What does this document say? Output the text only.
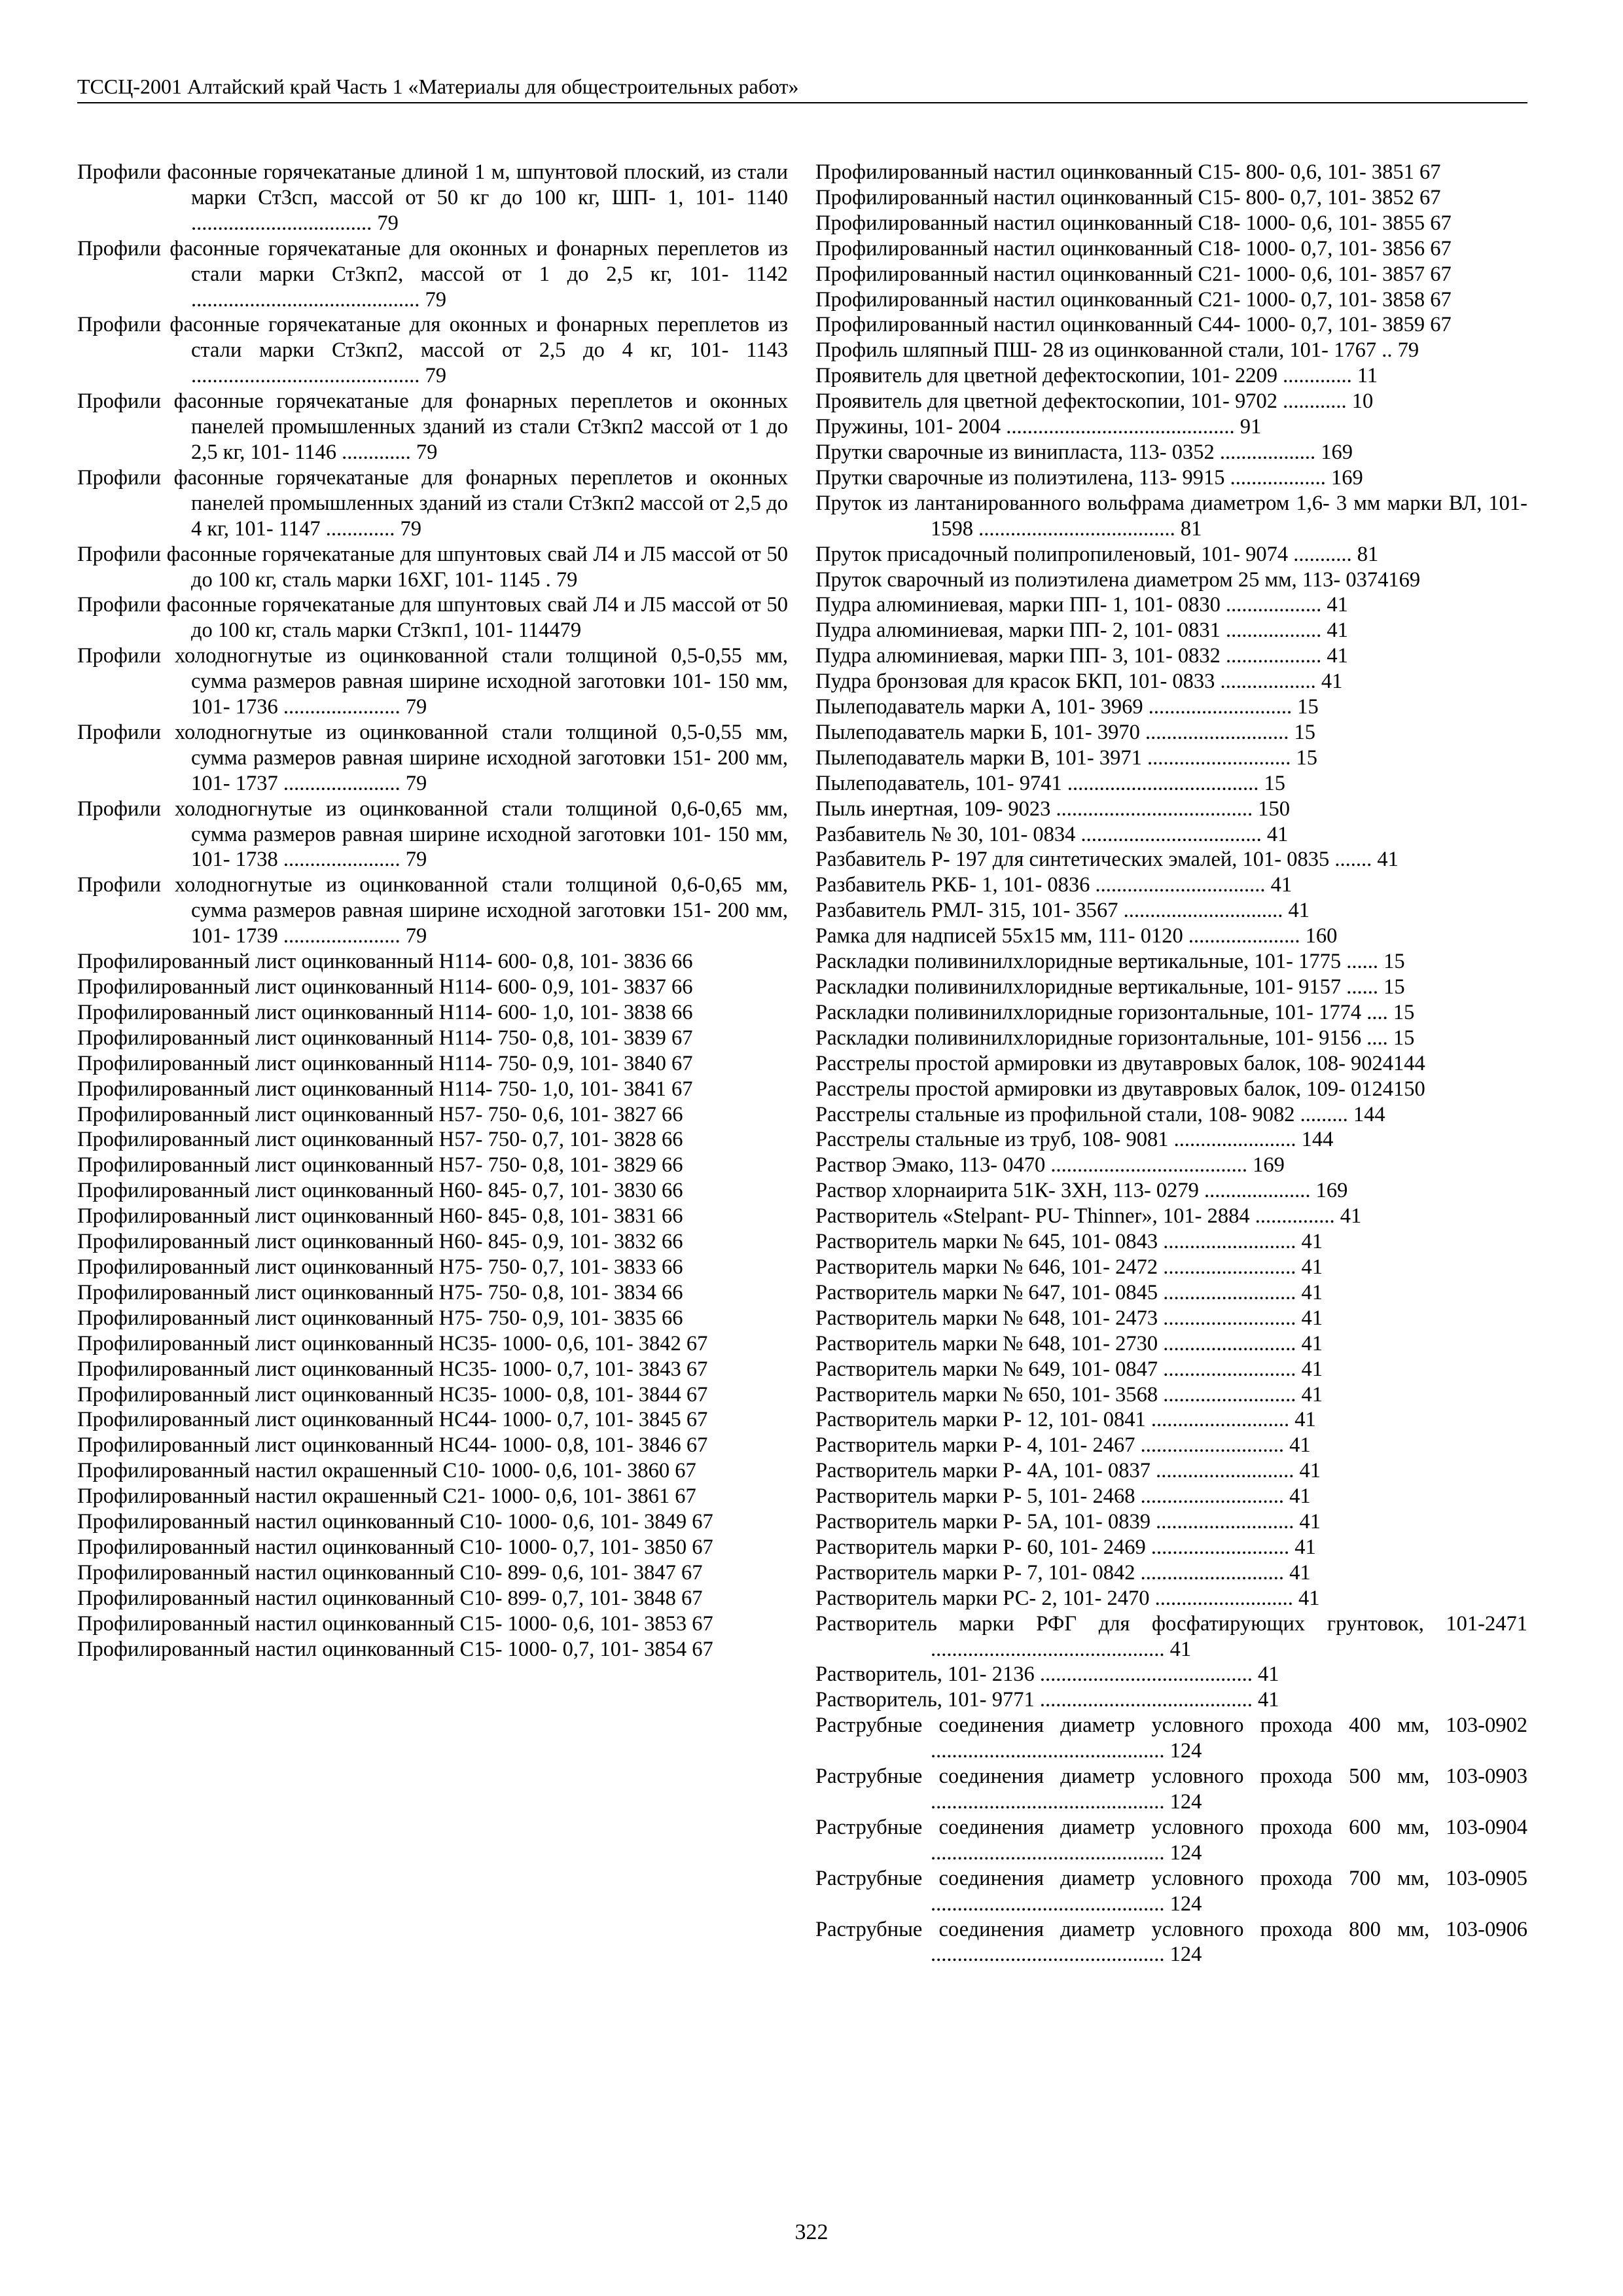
ТССЦ-2001 Алтайский край Часть 1 «Материалы для общестроительных работ»
Профили фасонные горячекатаные длиной 1 м, шпунтовой плоский, из стали марки Ст3сп, массой от 50 кг до 100 кг, ШП- 1, 101- 1140 .................................. 79
Профили фасонные горячекатаные для оконных и фонарных переплетов из стали марки Ст3кп2, массой от 1 до 2,5 кг, 101- 1142 ........................................... 79
Профили фасонные горячекатаные для оконных и фонарных переплетов из стали марки Ст3кп2, массой от 2,5 до 4 кг, 101- 1143 ........................................... 79
Профили фасонные горячекатаные для фонарных переплетов и оконных панелей промышленных зданий из стали Ст3кп2 массой от 1 до 2,5 кг, 101- 1146 ............. 79
Профили фасонные горячекатаные для фонарных переплетов и оконных панелей промышленных зданий из стали Ст3кп2 массой от 2,5 до 4 кг, 101- 1147 ............. 79
Профили фасонные горячекатаные для шпунтовых свай Л4 и Л5 массой от 50 до 100 кг, сталь марки 16ХГ, 101- 1145 . 79
Профили фасонные горячекатаные для шпунтовых свай Л4 и Л5 массой от 50 до 100 кг, сталь марки Ст3кп1, 101- 114479
Профили холодногнутые из оцинкованной стали толщиной 0,5-0,55 мм, сумма размеров равная ширине исходной заготовки 101- 150 мм, 101- 1736 ...................... 79
Профили холодногнутые из оцинкованной стали толщиной 0,5-0,55 мм, сумма размеров равная ширине исходной заготовки 151- 200 мм, 101- 1737 ...................... 79
Профили холодногнутые из оцинкованной стали толщиной 0,6-0,65 мм, сумма размеров равная ширине исходной заготовки 101- 150 мм, 101- 1738 ...................... 79
Профили холодногнутые из оцинкованной стали толщиной 0,6-0,65 мм, сумма размеров равная ширине исходной заготовки 151- 200 мм, 101- 1739 ...................... 79
Профилированный лист оцинкованный Н114- 600- 0,8, 101- 3836 66
Профилированный лист оцинкованный Н114- 600- 0,9, 101- 3837 66
Профилированный лист оцинкованный Н114- 600- 1,0, 101- 3838 66
Профилированный лист оцинкованный Н114- 750- 0,8, 101- 3839 67
Профилированный лист оцинкованный Н114- 750- 0,9, 101- 3840 67
Профилированный лист оцинкованный Н114- 750- 1,0, 101- 3841 67
Профилированный лист оцинкованный Н57- 750- 0,6, 101- 3827 66
Профилированный лист оцинкованный Н57- 750- 0,7, 101- 3828 66
Профилированный лист оцинкованный Н57- 750- 0,8, 101- 3829 66
Профилированный лист оцинкованный Н60- 845- 0,7, 101- 3830 66
Профилированный лист оцинкованный Н60- 845- 0,8, 101- 3831 66
Профилированный лист оцинкованный Н60- 845- 0,9, 101- 3832 66
Профилированный лист оцинкованный Н75- 750- 0,7, 101- 3833 66
Профилированный лист оцинкованный Н75- 750- 0,8, 101- 3834 66
Профилированный лист оцинкованный Н75- 750- 0,9, 101- 3835 66
Профилированный лист оцинкованный НС35- 1000- 0,6, 101- 3842 67
Профилированный лист оцинкованный НС35- 1000- 0,7, 101- 3843 67
Профилированный лист оцинкованный НС35- 1000- 0,8, 101- 3844 67
Профилированный лист оцинкованный НС44- 1000- 0,7, 101- 3845 67
Профилированный лист оцинкованный НС44- 1000- 0,8, 101- 3846 67
Профилированный настил окрашенный С10- 1000- 0,6, 101- 3860 67
Профилированный настил окрашенный С21- 1000- 0,6, 101- 3861 67
Профилированный настил оцинкованный С10- 1000- 0,6, 101- 3849 67
Профилированный настил оцинкованный С10- 1000- 0,7, 101- 3850 67
Профилированный настил оцинкованный С10- 899- 0,6, 101- 3847 67
Профилированный настил оцинкованный С10- 899- 0,7, 101- 3848 67
Профилированный настил оцинкованный С15- 1000- 0,6, 101- 3853 67
Профилированный настил оцинкованный С15- 1000- 0,7, 101- 3854 67
Профилированный настил оцинкованный С15- 800- 0,6, 101- 3851 67
Профилированный настил оцинкованный С15- 800- 0,7, 101- 3852 67
Профилированный настил оцинкованный С18- 1000- 0,6, 101- 3855 67
Профилированный настил оцинкованный С18- 1000- 0,7, 101- 3856 67
Профилированный настил оцинкованный С21- 1000- 0,6, 101- 3857 67
Профилированный настил оцинкованный С21- 1000- 0,7, 101- 3858 67
Профилированный настил оцинкованный С44- 1000- 0,7, 101- 3859 67
Профиль шляпный ПШ- 28 из оцинкованной стали, 101- 1767 .. 79
Проявитель для цветной дефектоскопии, 101- 2209 ............. 11
Проявитель для цветной дефектоскопии, 101- 9702 ............ 10
Пружины, 101- 2004 ........................................... 91
Прутки сварочные из винипласта, 113- 0352 .................. 169
Прутки сварочные из полиэтилена, 113- 9915 .................. 169
Пруток из лантанированного вольфрама диаметром 1,6- 3 мм марки ВЛ, 101- 1598 ..................................... 81
Пруток присадочный полипропиленовый, 101- 9074 ........... 81
Пруток сварочный из полиэтилена диаметром 25 мм, 113- 0374169
Пудра алюминиевая, марки ПП- 1, 101- 0830 .................. 41
Пудра алюминиевая, марки ПП- 2, 101- 0831 .................. 41
Пудра алюминиевая, марки ПП- 3, 101- 0832 .................. 41
Пудра бронзовая для красок БКП, 101- 0833 .................. 41
Пылеподаватель марки А, 101- 3969 ........................... 15
Пылеподаватель марки Б, 101- 3970 ........................... 15
Пылеподаватель марки В, 101- 3971 ........................... 15
Пылеподаватель, 101- 9741 .................................... 15
Пыль инертная, 109- 9023 ..................................... 150
Разбавитель № 30, 101- 0834 .................................. 41
Разбавитель Р- 197 для синтетических эмалей, 101- 0835 ....... 41
Разбавитель РКБ- 1, 101- 0836 ................................ 41
Разбавитель РМЛ- 315, 101- 3567 .............................. 41
Рамка для надписей 55х15 мм, 111- 0120 ..................... 160
Раскладки поливинилхлоридные вертикальные, 101- 1775 ...... 15
Раскладки поливинилхлоридные вертикальные, 101- 9157 ...... 15
Раскладки поливинилхлоридные горизонтальные, 101- 1774 .... 15
Раскладки поливинилхлоридные горизонтальные, 101- 9156 .... 15
Расстрелы простой армировки из двутавровых балок, 108- 9024144
Расстрелы простой армировки из двутавровых балок, 109- 0124150
Расстрелы стальные из профильной стали, 108- 9082 ......... 144
Расстрелы стальные из труб, 108- 9081 ....................... 144
Раствор Эмако, 113- 0470 ..................................... 169
Раствор хлорнаирита 51К- 3ХН, 113- 0279 .................... 169
Растворитель «Stelpant- PU- Thinner», 101- 2884 ............... 41
Растворитель марки № 645, 101- 0843 ......................... 41
Растворитель марки № 646, 101- 2472 ......................... 41
Растворитель марки № 647, 101- 0845 ......................... 41
Растворитель марки № 648, 101- 2473 ......................... 41
Растворитель марки № 648, 101- 2730 ......................... 41
Растворитель марки № 649, 101- 0847 ......................... 41
Растворитель марки № 650, 101- 3568 ......................... 41
Растворитель марки Р- 12, 101- 0841 .......................... 41
Растворитель марки Р- 4, 101- 2467 ........................... 41
Растворитель марки Р- 4А, 101- 0837 .......................... 41
Растворитель марки Р- 5, 101- 2468 ........................... 41
Растворитель марки Р- 5А, 101- 0839 .......................... 41
Растворитель марки Р- 60, 101- 2469 .......................... 41
Растворитель марки Р- 7, 101- 0842 ........................... 41
Растворитель марки РС- 2, 101- 2470 .......................... 41
Растворитель марки РФГ для фосфатирующих грунтовок, 101-2471 ............................................ 41
Растворитель, 101- 2136 ........................................ 41
Растворитель, 101- 9771 ........................................ 41
Раструбные соединения диаметр условного прохода 400 мм, 103-0902 ............................................ 124
Раструбные соединения диаметр условного прохода 500 мм, 103-0903 ............................................ 124
Раструбные соединения диаметр условного прохода 600 мм, 103-0904 ............................................ 124
Раструбные соединения диаметр условного прохода 700 мм, 103-0905 ............................................ 124
Раструбные соединения диаметр условного прохода 800 мм, 103-0906 ............................................ 124
322
